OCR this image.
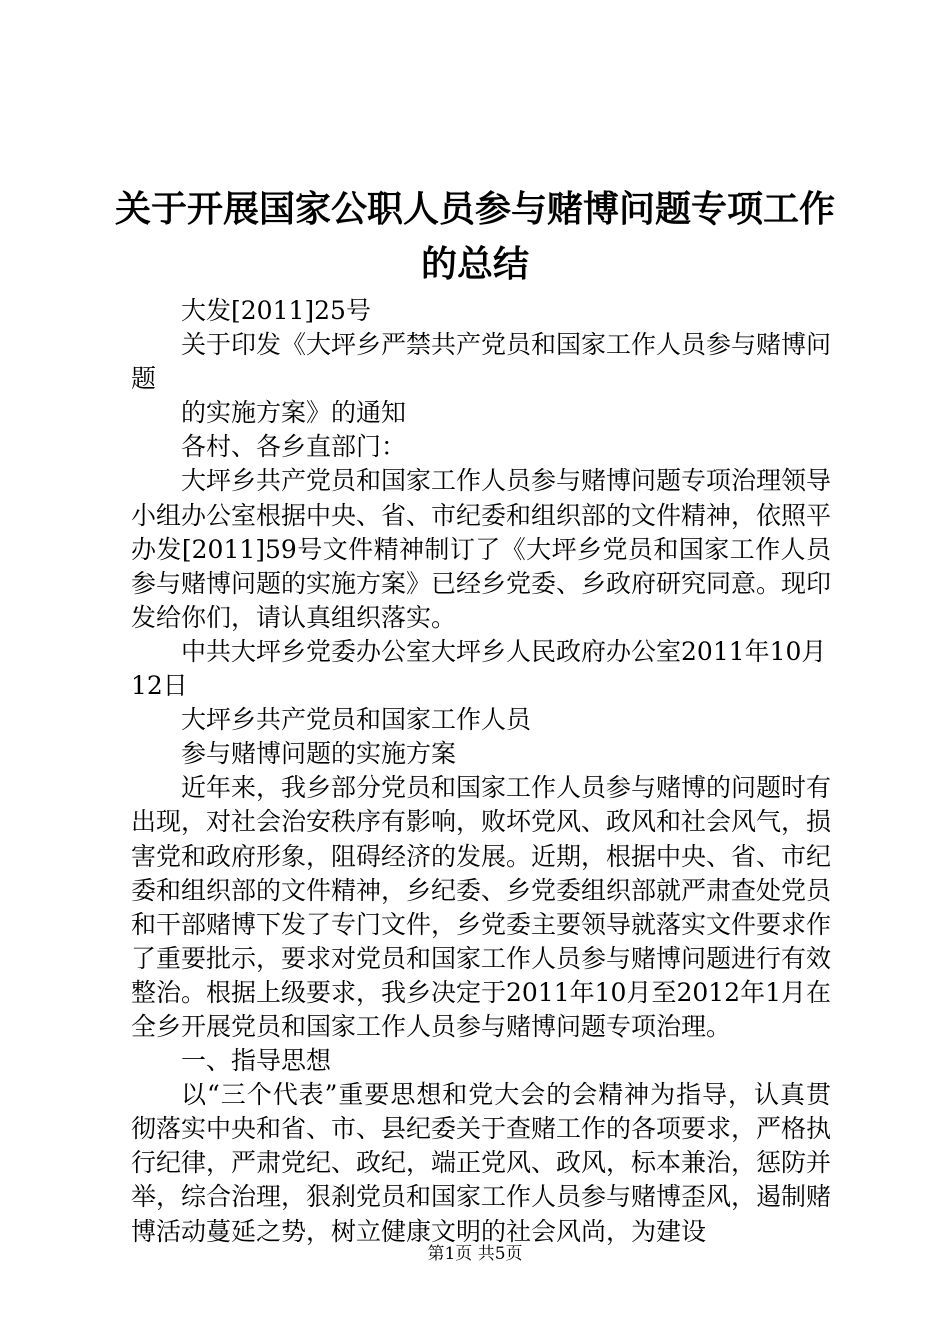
关于开展国家公职人员参与赌博问题专项工作
的总结

大发[2011]25号

关于印发《大坪乡严禁共产党员和国家工作人员参与赌博问题

的实施方案》的通知

各村、各乡直部门：

大坪乡共产党员和国家工作人员参与赌博问题专项治理领导小组办公室根据中央、省、市纪委和组织部的文件精神，依照平办发[2011]59号文件精神制订了《大坪乡党员和国家工作人员参与赌博问题的实施方案》已经乡党委、乡政府研究同意。现印发给你们，请认真组织落实。

中共大坪乡党委办公室大坪乡人民政府办公室2011年10月12日

大坪乡共产党员和国家工作人员

参与赌博问题的实施方案

近年来，我乡部分党员和国家工作人员参与赌博的问题时有出现，对社会治安秩序有影响，败坏党风、政风和社会风气，损害党和政府形象，阻碍经济的发展。近期，根据中央、省、市纪委和组织部的文件精神，乡纪委、乡党委组织部就严肃查处党员和干部赌博下发了专门文件，乡党委主要领导就落实文件要求作了重要批示，要求对党员和国家工作人员参与赌博问题进行有效整治。根据上级要求，我乡决定于2011年10月至2012年1月在全乡开展党员和国家工作人员参与赌博问题专项治理。

一、指导思想

以“三个代表”重要思想和党大会的会精神为指导，认真贯彻落实中央和省、市、县纪委关于查赌工作的各项要求，严格执行纪律，严肃党纪、政纪，端正党风、政风，标本兼治，惩防并举，综合治理，狠刹党员和国家工作人员参与赌博歪风，遏制赌博活动蔓延之势，树立健康文明的社会风尚，为建设

第1页 共5页
